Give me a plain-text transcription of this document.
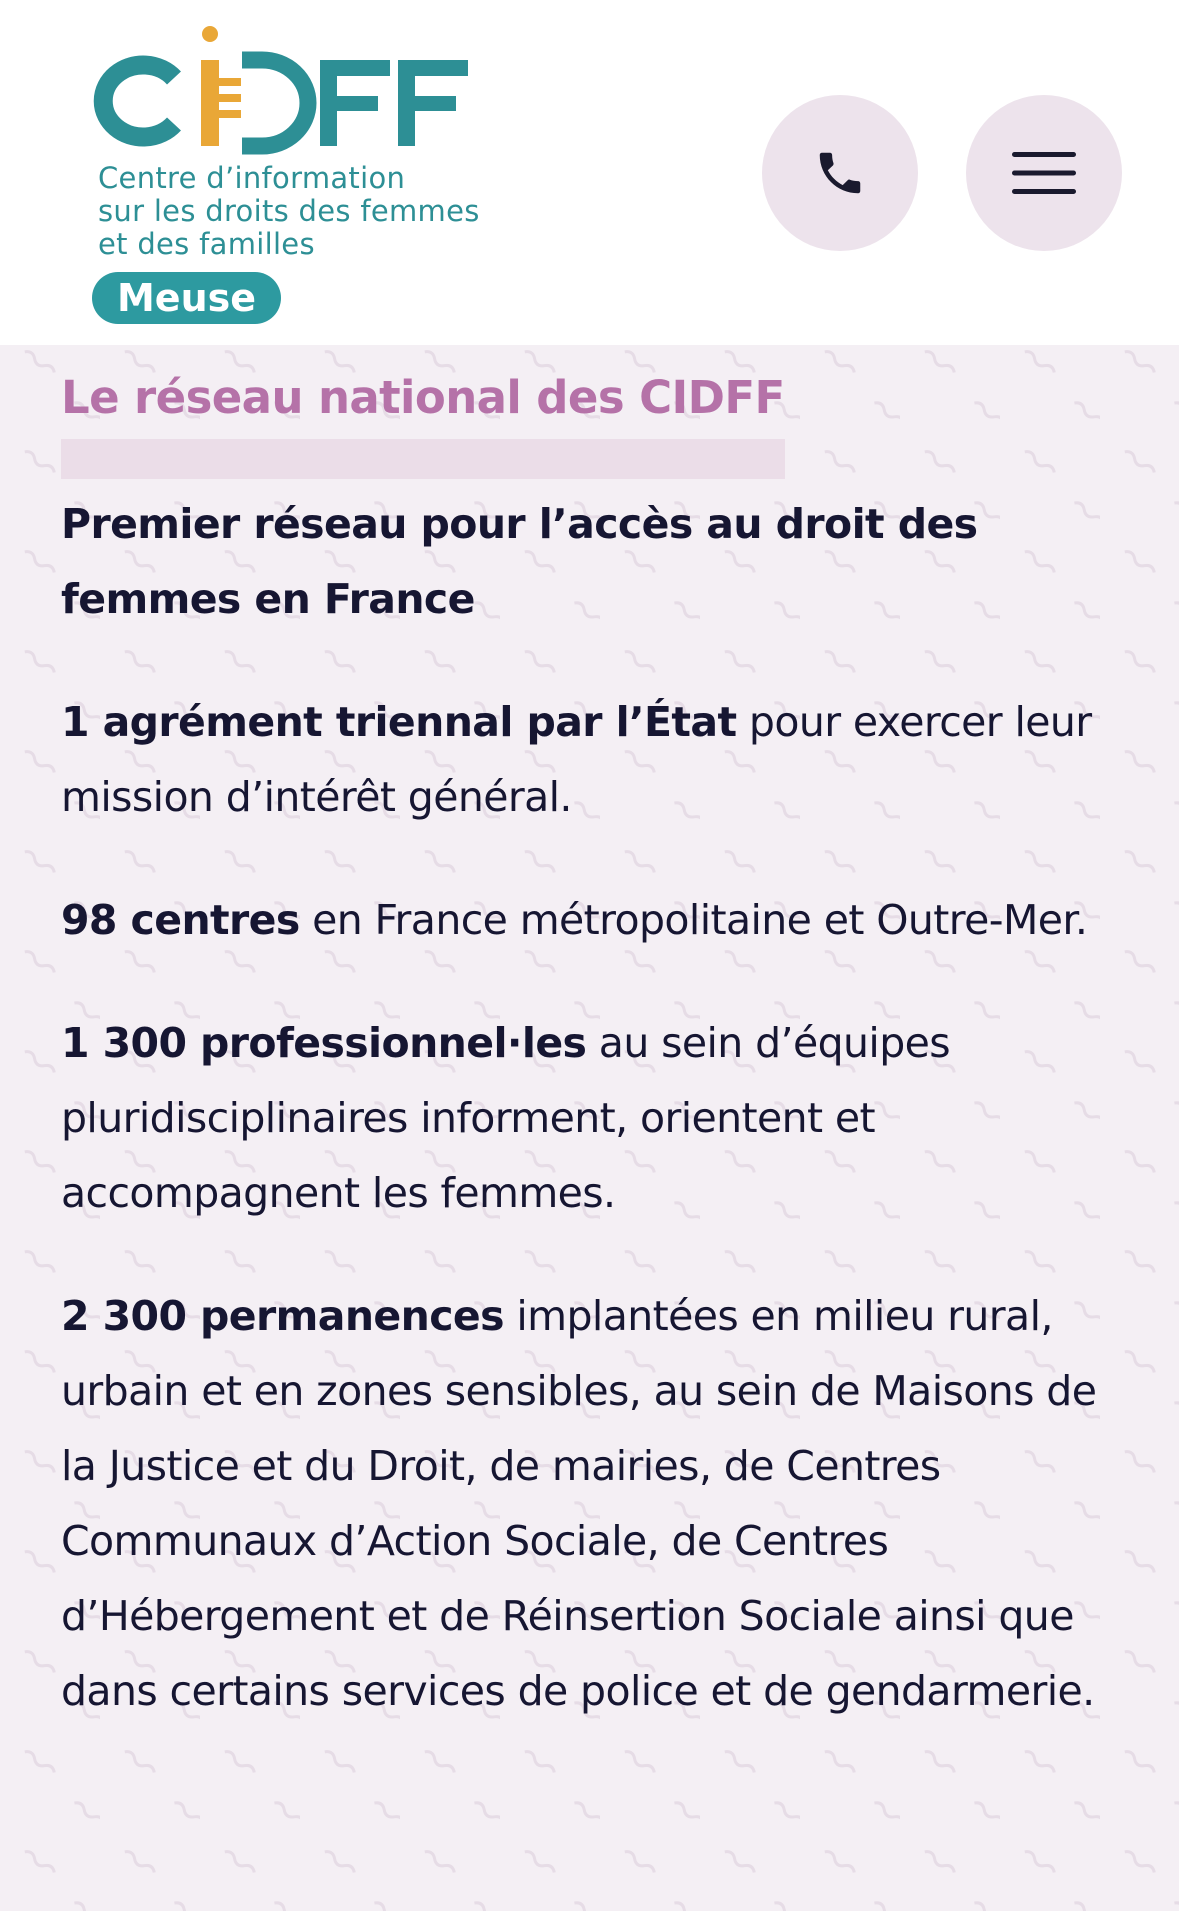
Centre d’information
sur les droits des femmes
et des familles
Meuse
Le réseau national des CIDFF
Premier réseau pour l’accès au droit des femmes en France

1 agrément triennal par l’État pour exercer leur mission d’intérêt général.

98 centres en France métropolitaine et Outre-Mer.

1 300 professionnel·les au sein d’équipes pluridisciplinaires informent, orientent et accompagnent les femmes.

2 300 permanences implantées en milieu rural, urbain et en zones sensibles, au sein de Maisons de la Justice et du Droit, de mairies, de Centres Communaux d’Action Sociale, de Centres d’Hébergement et de Réinsertion Sociale ainsi que dans certains services de police et de gendarmerie.
